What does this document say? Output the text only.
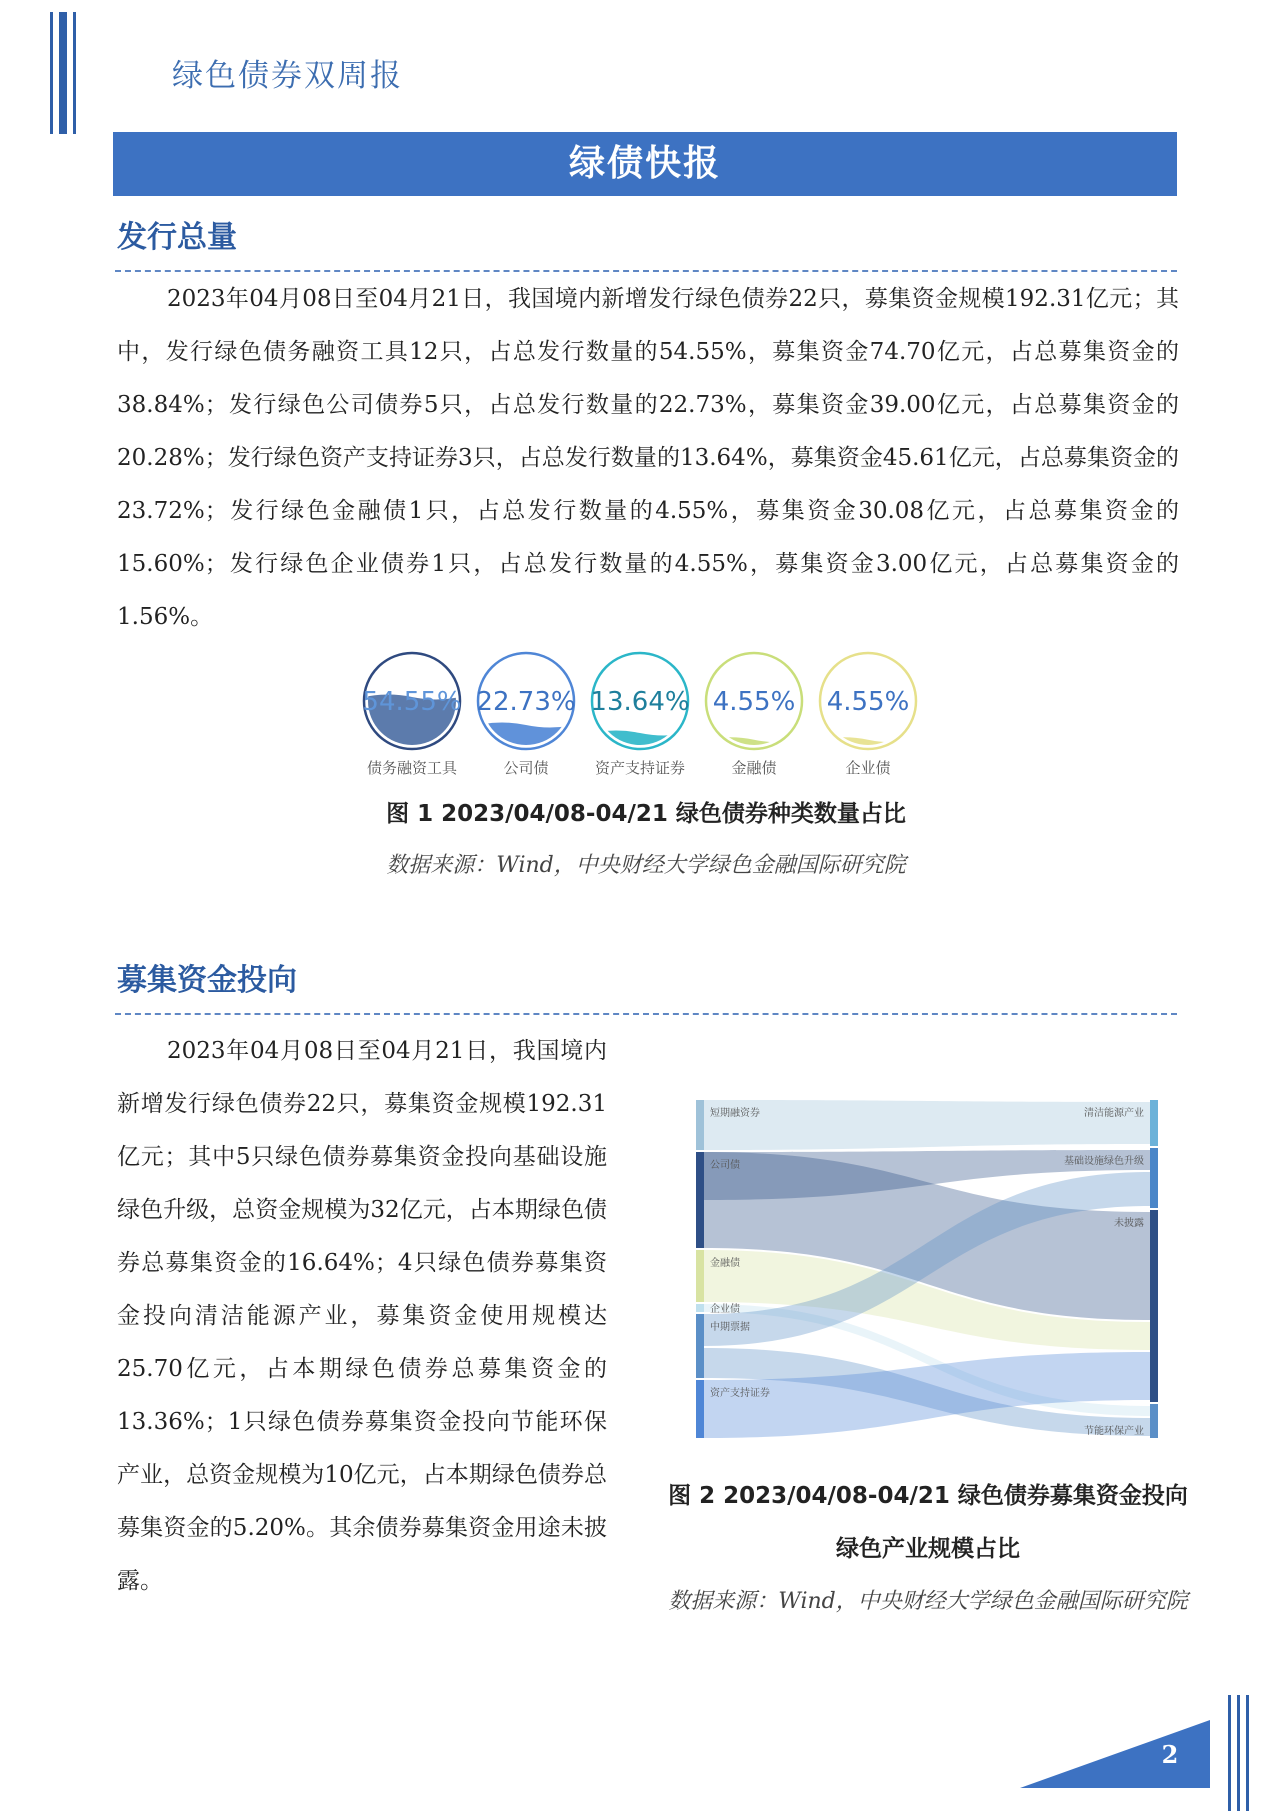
绿色债券双周报
绿债快报
发行总量
2023年04月08日至04月21日，我国境内新增发行绿色债券22只，募集资金规模192.31亿元；其中，发行绿色债务融资工具12只，占总发行数量的54.55%，募集资金74.70亿元，占总募集资金的38.84%；发行绿色公司债券5只，占总发行数量的22.73%，募集资金39.00亿元，占总募集资金的20.28%；发行绿色资产支持证券3只，占总发行数量的13.64%，募集资金45.61亿元，占总募集资金的23.72%；发行绿色金融债1只，占总发行数量的4.55%，募集资金30.08亿元，占总募集资金的15.60%；发行绿色企业债券1只，占总发行数量的4.55%，募集资金3.00亿元，占总募集资金的1.56%。
54.55%
债务融资工具
22.73%
公司债
13.64%
资产支持证券
4.55%
金融债
4.55%
企业债
图 1 2023/04/08-04/21 绿色债券种类数量占比
数据来源：Wind，中央财经大学绿色金融国际研究院
募集资金投向
2023年04月08日至04月21日，我国境内新增发行绿色债券22只，募集资金规模192.31亿元；其中5只绿色债券募集资金投向基础设施绿色升级，总资金规模为32亿元，占本期绿色债券总募集资金的16.64%；4只绿色债券募集资金投向清洁能源产业，募集资金使用规模达25.70亿元，占本期绿色债券总募集资金的13.36%；1只绿色债券募集资金投向节能环保产业，总资金规模为10亿元，占本期绿色债券总募集资金的5.20%。其余债券募集资金用途未披露。
短期融资券
公司债
金融债
企业债
中期票据
资产支持证券
清洁能源产业
基础设施绿色升级
未披露
节能环保产业
图 2 2023/04/08-04/21 绿色债券募集资金投向绿色产业规模占比
数据来源：Wind，中央财经大学绿色金融国际研究院
2
